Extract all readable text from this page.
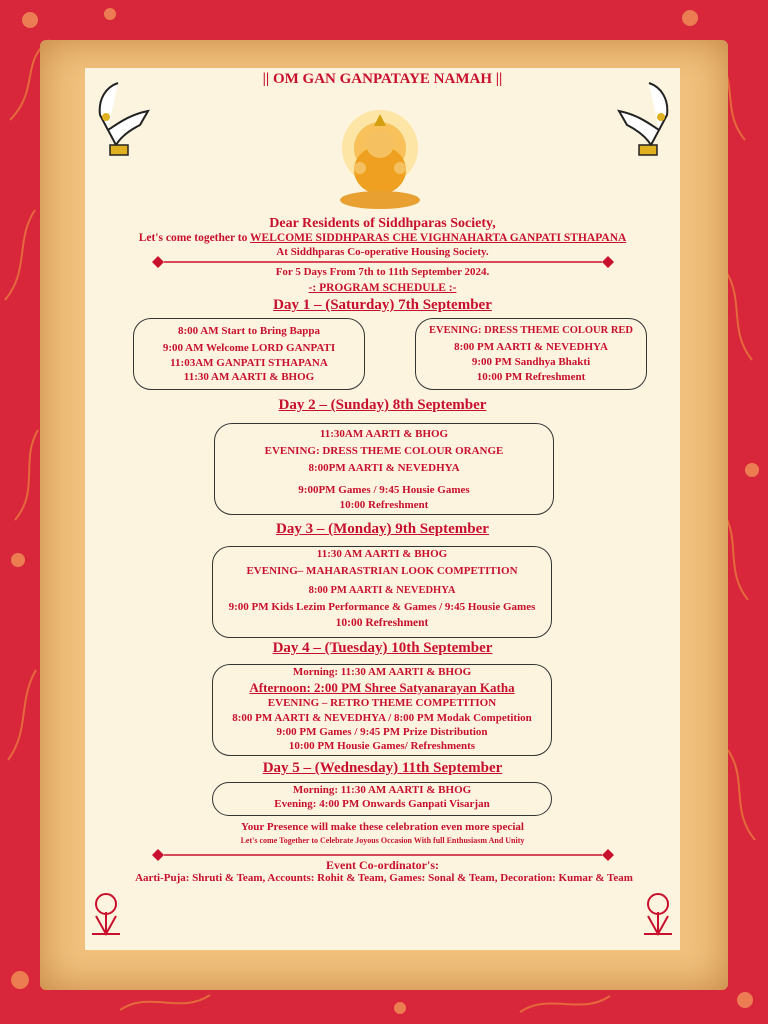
|| OM GAN GANPATAYE NAMAH ||
Dear Residents of Siddhparas Society,
Let's come together to WELCOME SIDDHPARAS CHE VIGHNAHARTA GANPATI STHAPANA
At Siddhparas Co-operative Housing Society.
For 5 Days From 7th to 11th September 2024.
-: PROGRAM SCHEDULE :-
Day 1 – (Saturday) 7th September
8:00 AM Start to Bring Bappa
9:00 AM Welcome LORD GANPATI
11:03AM GANPATI STHAPANA
11:30 AM AARTI & BHOG
EVENING: DRESS THEME COLOUR RED
8:00 PM AARTI & NEVEDHYA
9:00 PM Sandhya Bhakti
10:00 PM Refreshment
Day 2 – (Sunday) 8th September
11:30AM AARTI & BHOG
EVENING: DRESS THEME COLOUR ORANGE
8:00PM AARTI & NEVEDHYA
9:00PM Games / 9:45 Housie Games
10:00 Refreshment
Day 3 – (Monday) 9th September
11:30 AM AARTI & BHOG
EVENING– MAHARASTRIAN LOOK COMPETITION
8:00 PM AARTI & NEVEDHYA
9:00 PM Kids Lezim Performance & Games / 9:45 Housie Games
10:00 Refreshment
Day 4 – (Tuesday) 10th September
Morning: 11:30 AM AARTI & BHOG
Afternoon: 2:00 PM Shree Satyanarayan Katha
EVENING – RETRO THEME COMPETITION
8:00 PM AARTI & NEVEDHYA / 8:00 PM Modak Competition
9:00 PM Games / 9:45 PM Prize Distribution
10:00 PM Housie Games/ Refreshments
Day 5 – (Wednesday) 11th September
Morning: 11:30 AM AARTI & BHOG
Evening: 4:00 PM Onwards Ganpati Visarjan
Your Presence will make these celebration even more special
Let's come Together to Celebrate Joyous Occasion With full Enthusiasm And Unity
Event Co-ordinator's:
Aarti-Puja: Shruti & Team, Accounts: Rohit & Team, Games: Sonal & Team, Decoration: Kumar & Team
